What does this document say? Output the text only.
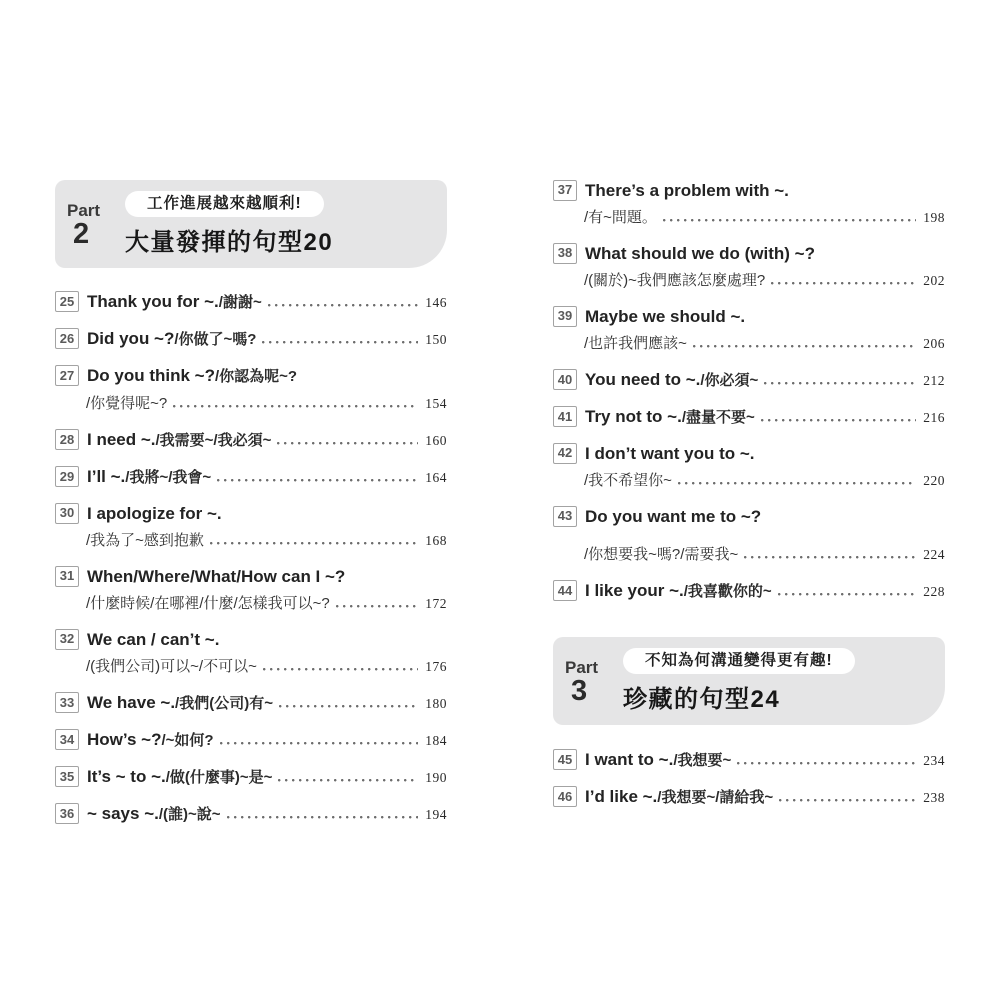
Part
2
工作進展越來越順利!
大量發揮的句型20
25 Thank you for ~. /謝謝~	146
26 Did you ~? /你做了~嗎?	150
27 Do you think ~? /你認為呢~?
/你覺得呢~?	154
28 I need ~. /我需要~/我必須~	160
29 I’ll ~. /我將~/我會~	164
30 I apologize for ~.
/我為了~感到抱歉	168
31 When/Where/What/How can I ~?
/什麼時候/在哪裡/什麼/怎樣我可以~?	172
32 We can / can’t ~.
/(我們公司)可以~/不可以~	176
33 We have ~. /我們(公司)有~	180
34 How’s ~? /~如何?	184
35 It’s ~ to ~. /做(什麼事)~是~	190
36 ~ says ~. /(誰)~說~	194
37 There’s a problem with ~.
/有~問題。	198
38 What should we do (with) ~?
/(關於)~我們應該怎麼處理?	202
39 Maybe we should ~.
/也許我們應該~	206
40 You need to ~. /你必須~	212
41 Try not to ~. /盡量不要~	216
42 I don’t want you to ~.
/我不希望你~	220
43 Do you want me to ~?
/你想要我~嗎?/需要我~	224
44 I like your ~. /我喜歡你的~	228
Part
3
不知為何溝通變得更有趣!
珍藏的句型24
45 I want to ~. /我想要~	234
46 I’d like ~. /我想要~/請給我~	238
